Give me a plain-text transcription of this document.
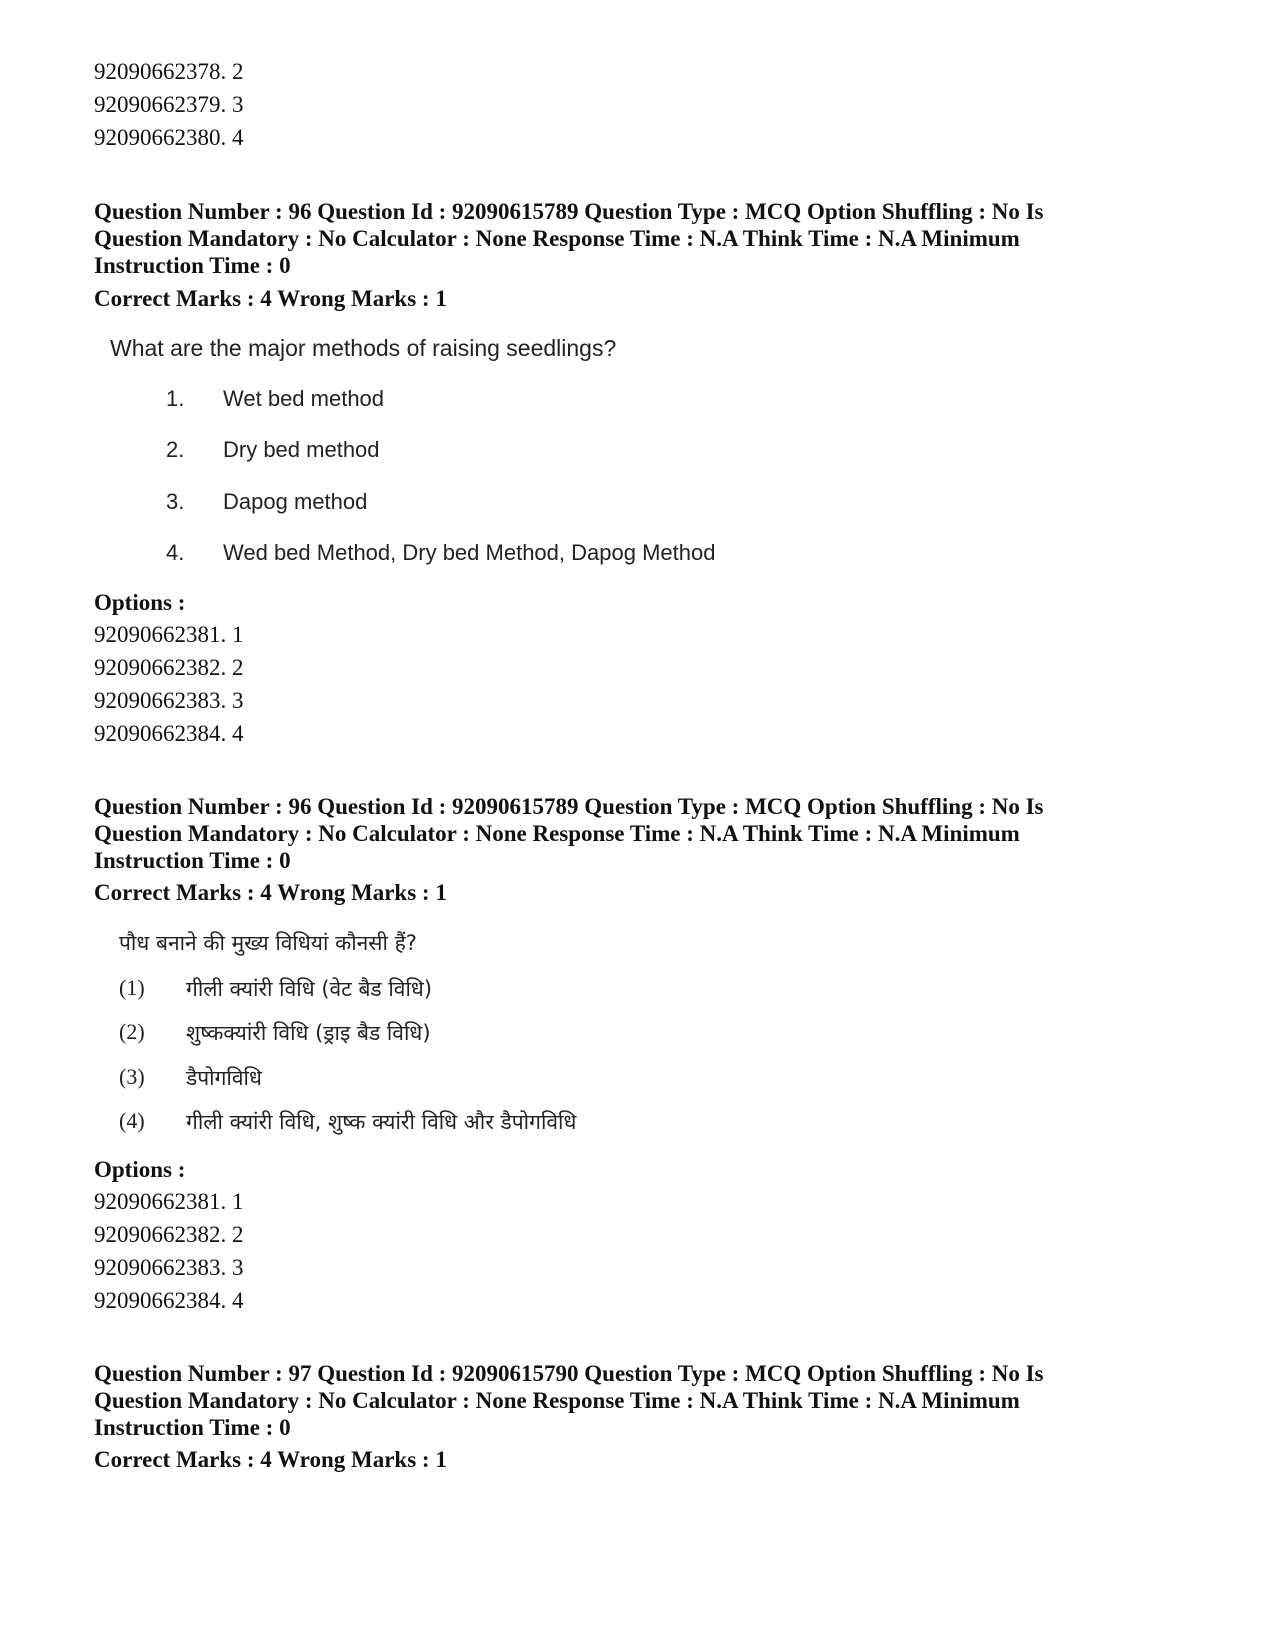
92090662378. 2
92090662379. 3
92090662380. 4
Question Number : 96 Question Id : 92090615789 Question Type : MCQ Option Shuffling : No Is
Question Mandatory : No Calculator : None Response Time : N.A Think Time : N.A Minimum
Instruction Time : 0
Correct Marks : 4 Wrong Marks : 1
What are the major methods of raising seedlings?
1. Wet bed method
2. Dry bed method
3. Dapog method
4. Wed bed Method, Dry bed Method, Dapog Method
Options :
92090662381. 1
92090662382. 2
92090662383. 3
92090662384. 4
Question Number : 96 Question Id : 92090615789 Question Type : MCQ Option Shuffling : No Is
Question Mandatory : No Calculator : None Response Time : N.A Think Time : N.A Minimum
Instruction Time : 0
Correct Marks : 4 Wrong Marks : 1
पौध बनाने की मुख्य विधियां कौनसी हैं?
(1) गीली क्यांरी विधि (वेट बैड विधि)
(2) शुष्कक्यांरी विधि (ड्राइ बैड विधि)
(3) डैपोगविधि
(4) गीली क्यांरी विधि, शुष्क क्यांरी विधि और डैपोगविधि
Options :
92090662381. 1
92090662382. 2
92090662383. 3
92090662384. 4
Question Number : 97 Question Id : 92090615790 Question Type : MCQ Option Shuffling : No Is
Question Mandatory : No Calculator : None Response Time : N.A Think Time : N.A Minimum
Instruction Time : 0
Correct Marks : 4 Wrong Marks : 1
